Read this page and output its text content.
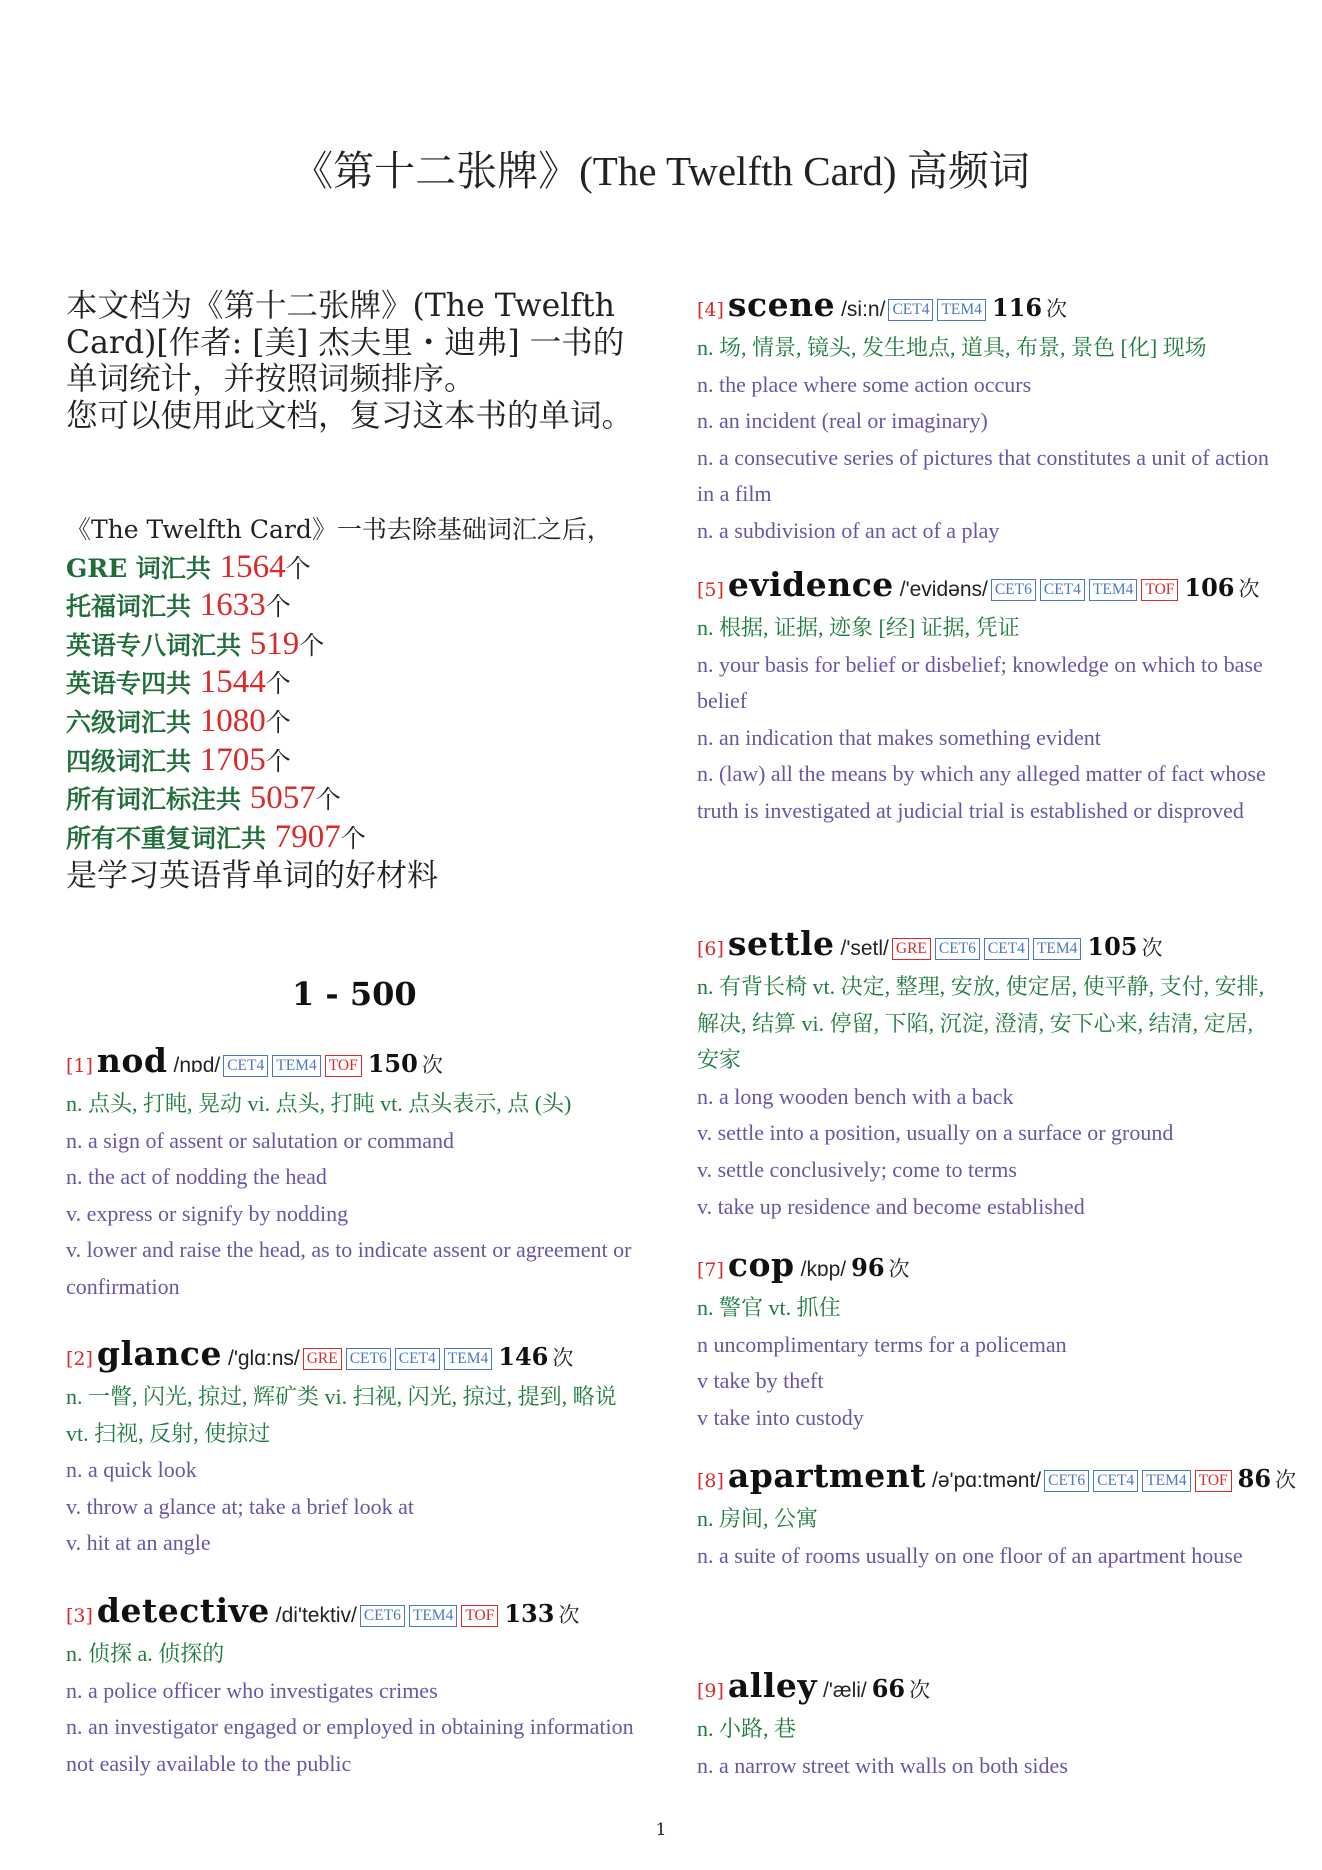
《第十二张牌》(The Twelfth Card) 高频词

本文档为《第十二张牌》(The Twelfth Card)[作者: [美] 杰夫里・迪弗] 一书的单词统计，并按照词频排序。

您可以使用此文档，复习这本书的单词。

《The Twelfth Card》一书去除基础词汇之后，
GRE 词汇共 1564个
托福词汇共 1633个
英语专八词汇共 519个
英语专四共 1544个
六级词汇共 1080个
四级词汇共 1705个
所有词汇标注共 5057个
所有不重复词汇共 7907个
是学习英语背单词的好材料
1 - 500
[1] nod /nɒd/ CET4 TEM4 TOF 150 次
n. 点头, 打盹, 晃动 vi. 点头, 打盹 vt. 点头表示, 点 (头)
n. a sign of assent or salutation or command
n. the act of nodding the head
v. express or signify by nodding
v. lower and raise the head, as to indicate assent or agreement or confirmation
[2] glance /'glɑ:ns/ GRE CET6 CET4 TEM4 146 次
n. 一瞥, 闪光, 掠过, 辉矿类 vi. 扫视, 闪光, 掠过, 提到, 略说 vt. 扫视, 反射, 使掠过
n. a quick look
v. throw a glance at; take a brief look at
v. hit at an angle
[3] detective /di'tektiv/ CET6 TEM4 TOF 133 次
n. 侦探 a. 侦探的
n. a police officer who investigates crimes
n. an investigator engaged or employed in obtaining information not easily available to the public
[4] scene /si:n/ CET4 TEM4 116 次
n. 场, 情景, 镜头, 发生地点, 道具, 布景, 景色 [化] 现场
n. the place where some action occurs
n. an incident (real or imaginary)
n. a consecutive series of pictures that constitutes a unit of action in a film
n. a subdivision of an act of a play
[5] evidence /'evidəns/ CET6 CET4 TEM4 TOF 106 次
n. 根据, 证据, 迹象 [经] 证据, 凭证
n. your basis for belief or disbelief; knowledge on which to base belief
n. an indication that makes something evident
n. (law) all the means by which any alleged matter of fact whose truth is investigated at judicial trial is established or disproved
[6] settle /'setl/ GRE CET6 CET4 TEM4 105 次
n. 有背长椅 vt. 决定, 整理, 安放, 使定居, 使平静, 支付, 安排, 解决, 结算 vi. 停留, 下陷, 沉淀, 澄清, 安下心来, 结清, 定居, 安家
n. a long wooden bench with a back
v. settle into a position, usually on a surface or ground
v. settle conclusively; come to terms
v. take up residence and become established
[7] cop /kɒp/ 96 次
n. 警官 vt. 抓住
n uncomplimentary terms for a policeman
v take by theft
v take into custody
[8] apartment /ə'pɑ:tmənt/ CET6 CET4 TEM4 TOF 86 次
n. 房间, 公寓
n. a suite of rooms usually on one floor of an apartment house
[9] alley /'æli/ 66 次
n. 小路, 巷
n. a narrow street with walls on both sides
1
